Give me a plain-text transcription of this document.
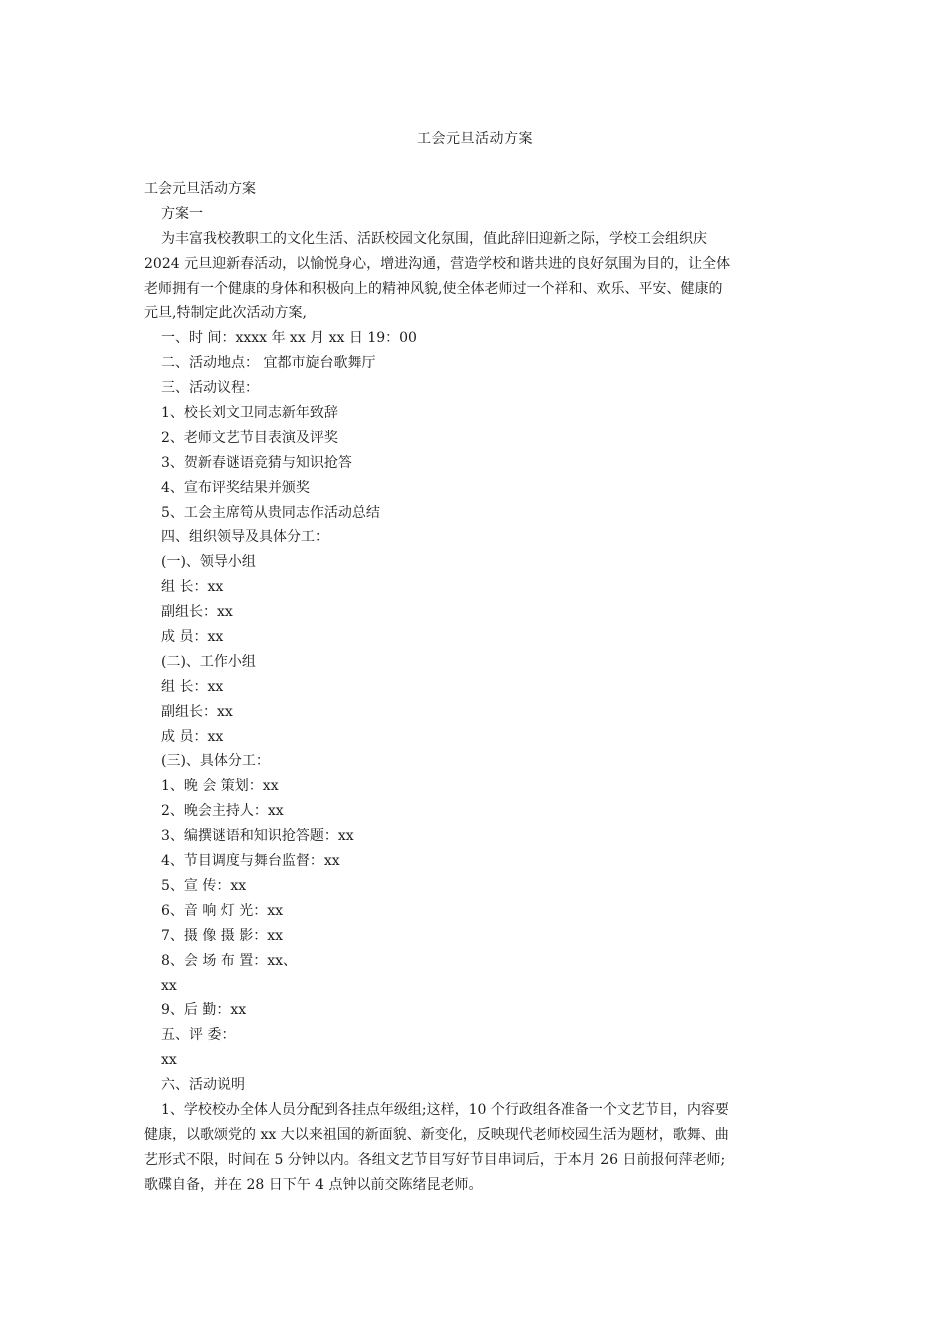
工会元旦活动方案

工会元旦活动方案

方案一

为丰富我校教职工的文化生活、活跃校园文化氛围，值此辞旧迎新之际，学校工会组织庆

2024 元旦迎新春活动，以愉悦身心，增进沟通，营造学校和谐共进的良好氛围为目的，让全体

老师拥有一个健康的身体和积极向上的精神风貌,使全体老师过一个祥和、欢乐、平安、健康的

元旦,特制定此次活动方案,

一、时 间：xxxx 年 xx 月 xx 日 19：00

二、活动地点： 宜都市旋台歌舞厅

三、活动议程：

1、校长刘文卫同志新年致辞

2、老师文艺节目表演及评奖

3、贺新春谜语竞猜与知识抢答

4、宣布评奖结果并颁奖

5、工会主席笱从贵同志作活动总结

四、组织领导及具体分工：

(一)、领导小组

组 长：xx

副组长：xx

成 员：xx

(二)、工作小组

组 长：xx

副组长：xx

成 员：xx

(三)、具体分工：

1、晚 会 策划：xx

2、晚会主持人：xx

3、编撰谜语和知识抢答题：xx

4、节目调度与舞台监督：xx

5、宣 传：xx

6、音 响 灯 光：xx

7、摄 像 摄 影：xx

8、会 场 布 置：xx、

xx

9、后 勤：xx

五、评 委：

xx

六、活动说明

1、学校校办全体人员分配到各挂点年级组;这样，10 个行政组各准备一个文艺节目，内容要

健康，以歌颂党的 xx 大以来祖国的新面貌、新变化，反映现代老师校园生活为题材，歌舞、曲

艺形式不限，时间在 5 分钟以内。各组文艺节目写好节目串词后，于本月 26 日前报何萍老师;

歌碟自备，并在 28 日下午 4 点钟以前交陈绪昆老师。
